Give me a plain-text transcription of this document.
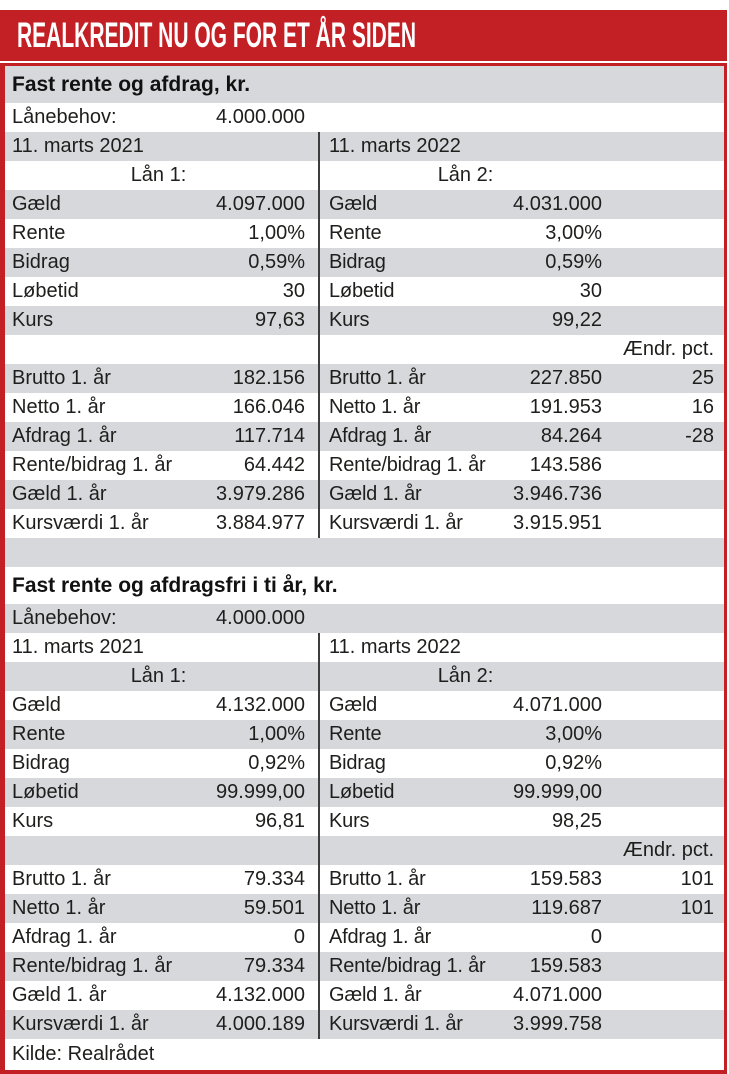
REALKREDIT NU OG FOR ET ÅR SIDEN
Fast rente og afdrag, kr.
Lånebehov:	4.000.000
11. marts 2021	11. marts 2022
Lån 1:	Lån 2:
Gæld	4.097.000 Gæld	4.031.000
Rente	1,00% Rente	3,00%
Bidrag	0,59% Bidrag	0,59%
Løbetid	30 Løbetid	30
Kurs	97,63 Kurs	99,22
Ændr. pct.
Brutto 1. år	182.156 Brutto 1. år	227.850	25
Netto 1. år	166.046 Netto 1. år	191.953	16
Afdrag 1. år	117.714 Afdrag 1. år	84.264	-28
Rente/bidrag 1. år	64.442 Rente/bidrag 1. år	143.586
Gæld 1. år	3.979.286 Gæld 1. år	3.946.736
Kursværdi 1. år	3.884.977 Kursværdi 1. år	3.915.951
Fast rente og afdragsfri i ti år, kr.
Lånebehov:	4.000.000
11. marts 2021	11. marts 2022
Lån 1:	Lån 2:
Gæld	4.132.000 Gæld	4.071.000
Rente	1,00% Rente	3,00%
Bidrag	0,92% Bidrag	0,92%
Løbetid	99.999,00 Løbetid	99.999,00
Kurs	96,81 Kurs	98,25
Ændr. pct.
Brutto 1. år	79.334 Brutto 1. år	159.583	101
Netto 1. år	59.501 Netto 1. år	119.687	101
Afdrag 1. år	0 Afdrag 1. år	0
Rente/bidrag 1. år	79.334 Rente/bidrag 1. år	159.583
Gæld 1. år	4.132.000 Gæld 1. år	4.071.000
Kursværdi 1. år	4.000.189 Kursværdi 1. år	3.999.758
Kilde: Realrådet
